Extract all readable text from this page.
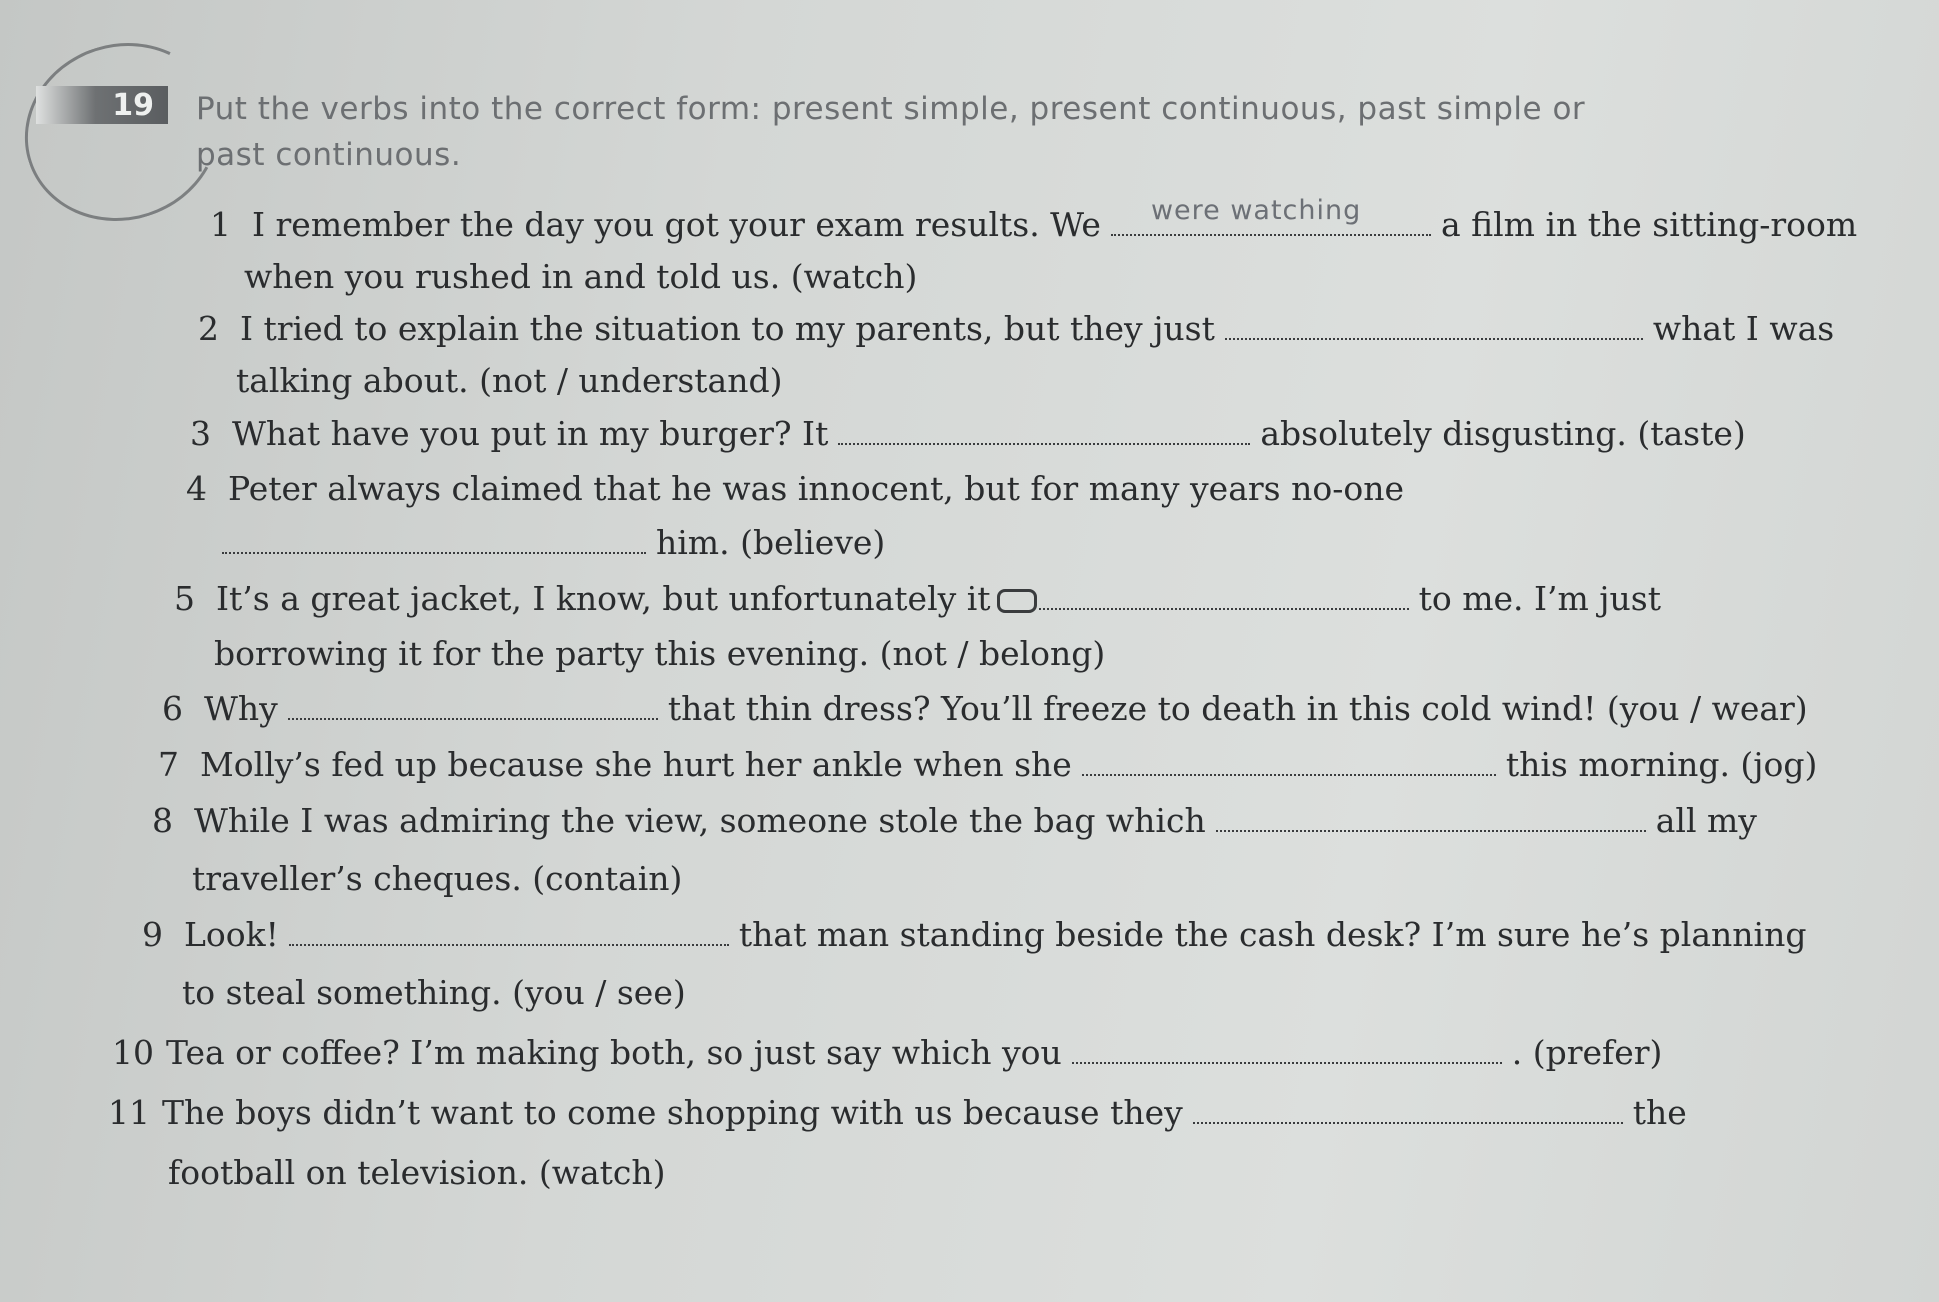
19 Put the verbs into the correct form: present simple, present continuous, past simple or
past continuous.
1 I remember the day you got your exam results. We were watching a film in the sitting-room
when you rushed in and told us. (watch)
2 I tried to explain the situation to my parents, but they just	what I was
talking about. (not / understand)
3 What have you put in my burger? It	absolutely disgusting. (taste)
4 Peter always claimed that he was innocent, but for many years no-one
him. (believe)
5 It’s a great jacket, I know, but unfortunately it	to me. I’m just
borrowing it for the party this evening. (not / belong)
6 Why	that thin dress? You’ll freeze to death in this cold wind! (you / wear)
7 Molly’s fed up because she hurt her ankle when she	this morning. (jog)
8 While I was admiring the view, someone stole the bag which	all my
traveller’s cheques. (contain)
9 Look!	that man standing beside the cash desk? I’m sure he’s planning
to steal something. (you / see)
10 Tea or coffee? I’m making both, so just say which you	. (prefer)
11 The boys didn’t want to come shopping with us because they	the
football on television. (watch)
